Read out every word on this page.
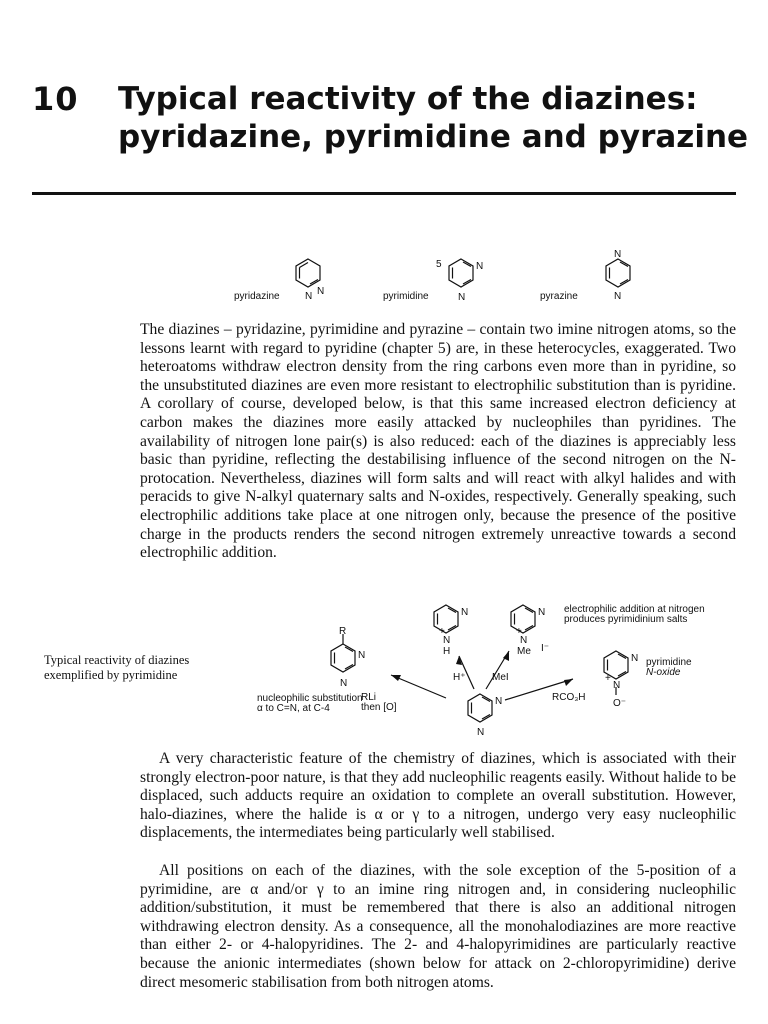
10 Typical reactivity of the diazines: pyridazine, pyrimidine and pyrazine
N
N
pyridazine
N
N
5
pyrimidine
N
N
pyrazine
The diazines – pyridazine, pyrimidine and pyrazine – contain two imine nitrogen atoms, so the lessons learnt with regard to pyridine (chapter 5) are, in these heterocycles, exaggerated. Two heteroatoms withdraw electron density from the ring carbons even more than in pyridine, so the unsubstituted diazines are even more resistant to electrophilic substitution than is pyridine. A corollary of course, developed below, is that this same increased electron deficiency at carbon makes the diazines more easily attacked by nucleophiles than pyridines. The availability of nitrogen lone pair(s) is also reduced: each of the diazines is appreciably less basic than pyridine, reflecting the destabilising influence of the second nitrogen on the N-protocation. Nevertheless, diazines will form salts and will react with alkyl halides and with peracids to give N-alkyl quaternary salts and N-oxides, respectively. Generally speaking, such electrophilic additions take place at one nitrogen only, because the presence of the positive charge in the products renders the second nitrogen extremely unreactive towards a second electrophilic addition.
Typical reactivity of diazines exemplified by pyrimidine
electrophilic addition at nitrogen
produces pyrimidinium salts
N
+
N
H
N
+
N
Me I⁻
R
N
N
H⁺	MeI
RLi
then [O]
nucleophilic substitution
α to C=N, at C-4
N
N
RCO₃H
N
+
N
O⁻
pyrimidine
N-oxide
A very characteristic feature of the chemistry of diazines, which is associated with their strongly electron-poor nature, is that they add nucleophilic reagents easily. Without halide to be displaced, such adducts require an oxidation to complete an overall substitution. However, halo-diazines, where the halide is α or γ to a nitrogen, undergo very easy nucleophilic displacements, the intermediates being particularly well stabilised.
All positions on each of the diazines, with the sole exception of the 5-position of a pyrimidine, are α and/or γ to an imine ring nitrogen and, in considering nucleophilic addition/substitution, it must be remembered that there is also an additional nitrogen withdrawing electron density. As a consequence, all the monohalodiazines are more reactive than either 2- or 4-halopyridines. The 2- and 4-halopyrimidines are particularly reactive because the anionic intermediates (shown below for attack on 2-chloropyrimidine) derive direct mesomeric stabilisation from both nitrogen atoms.
